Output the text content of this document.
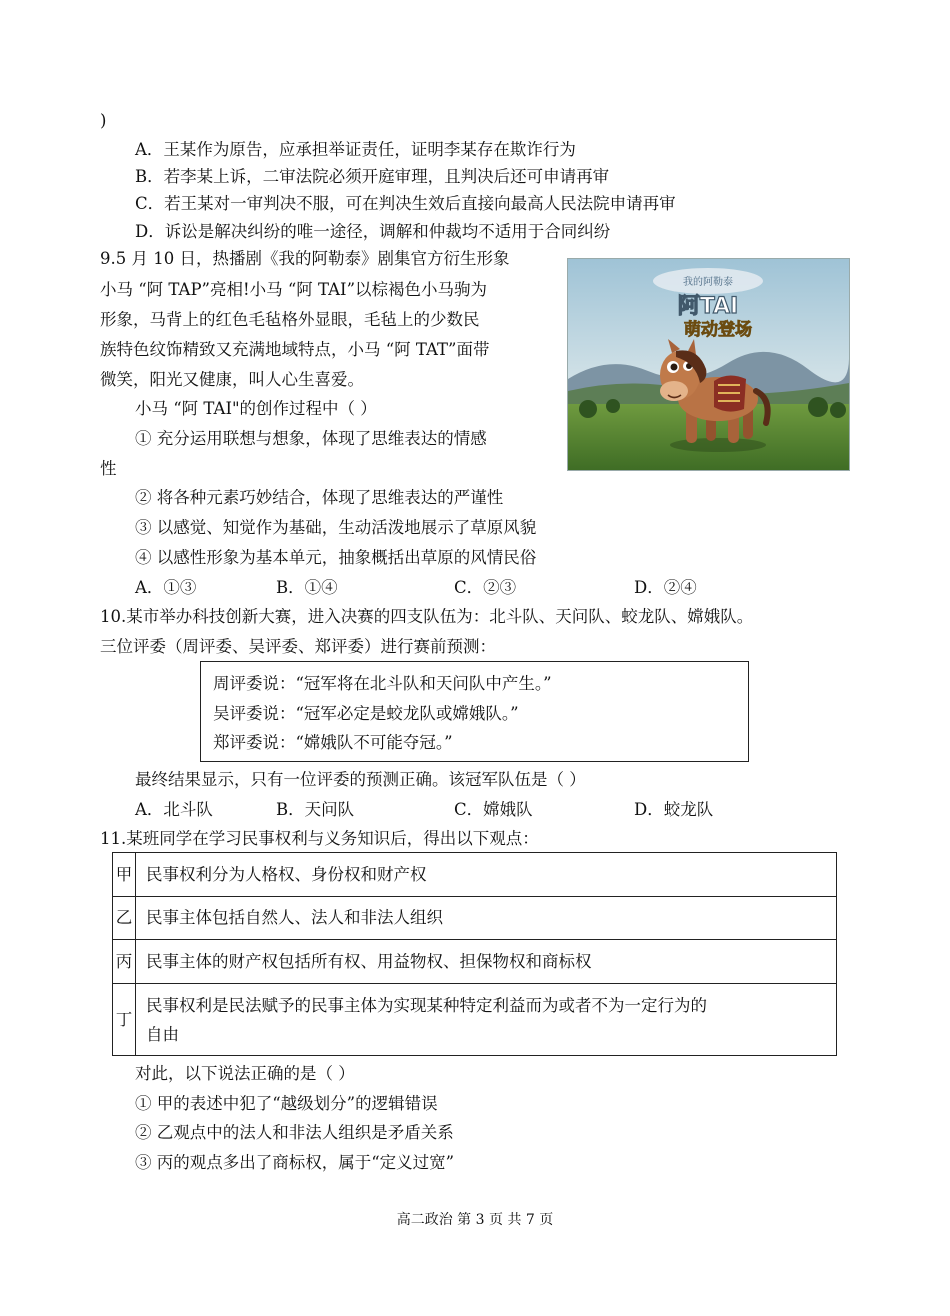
)
A．王某作为原告，应承担举证责任，证明李某存在欺诈行为
B．若李某上诉，二审法院必须开庭审理，且判决后还可申请再审
C．若王某对一审判决不服，可在判决生效后直接向最高人民法院申请再审
D．诉讼是解决纠纷的唯一途径，调解和仲裁均不适用于合同纠纷
9.5 月 10 日，热播剧《我的阿勒泰》剧集官方衍生形象
小马 “阿 TAP”亮相!小马 “阿 TAI”以棕褐色小马驹为
形象，马背上的红色毛毡格外显眼，毛毡上的少数民
族特色纹饰精致又充满地域特点，小马 “阿 TAT”面带
微笑，阳光又健康，叫人心生喜爱。
小马 “阿 TAI"的创作过程中（ ）
① 充分运用联想与想象，体现了思维表达的情感
性
② 将各种元素巧妙结合，体现了思维表达的严谨性
③ 以感觉、知觉作为基础，生动活泼地展示了草原风貌
④ 以感性形象为基本单元，抽象概括出草原的风情民俗
A．①③	B．①④	C．②③	D．②④
我的阿勒泰
阿TAI
萌动登场
10.某市举办科技创新大赛，进入决赛的四支队伍为：北斗队、天问队、蛟龙队、嫦娥队。
三位评委（周评委、吴评委、郑评委）进行赛前预测：
周评委说：“冠军将在北斗队和天问队中产生。”
吴评委说：“冠军必定是蛟龙队或嫦娥队。”
郑评委说：“嫦娥队不可能夺冠。”
最终结果显示，只有一位评委的预测正确。该冠军队伍是（ ）
A．北斗队	B．天问队	C．嫦娥队	D．蛟龙队
11.某班同学在学习民事权利与义务知识后，得出以下观点：
甲	民事权利分为人格权、身份权和财产权
乙	民事主体包括自然人、法人和非法人组织
丙	民事主体的财产权包括所有权、用益物权、担保物权和商标权
丁	民事权利是民法赋予的民事主体为实现某种特定利益而为或者不为一定行为的
自由
对此，以下说法正确的是（ ）
① 甲的表述中犯了“越级划分”的逻辑错误
② 乙观点中的法人和非法人组织是矛盾关系
③ 丙的观点多出了商标权，属于“定义过宽”
高二政治 第 3 页 共 7 页
